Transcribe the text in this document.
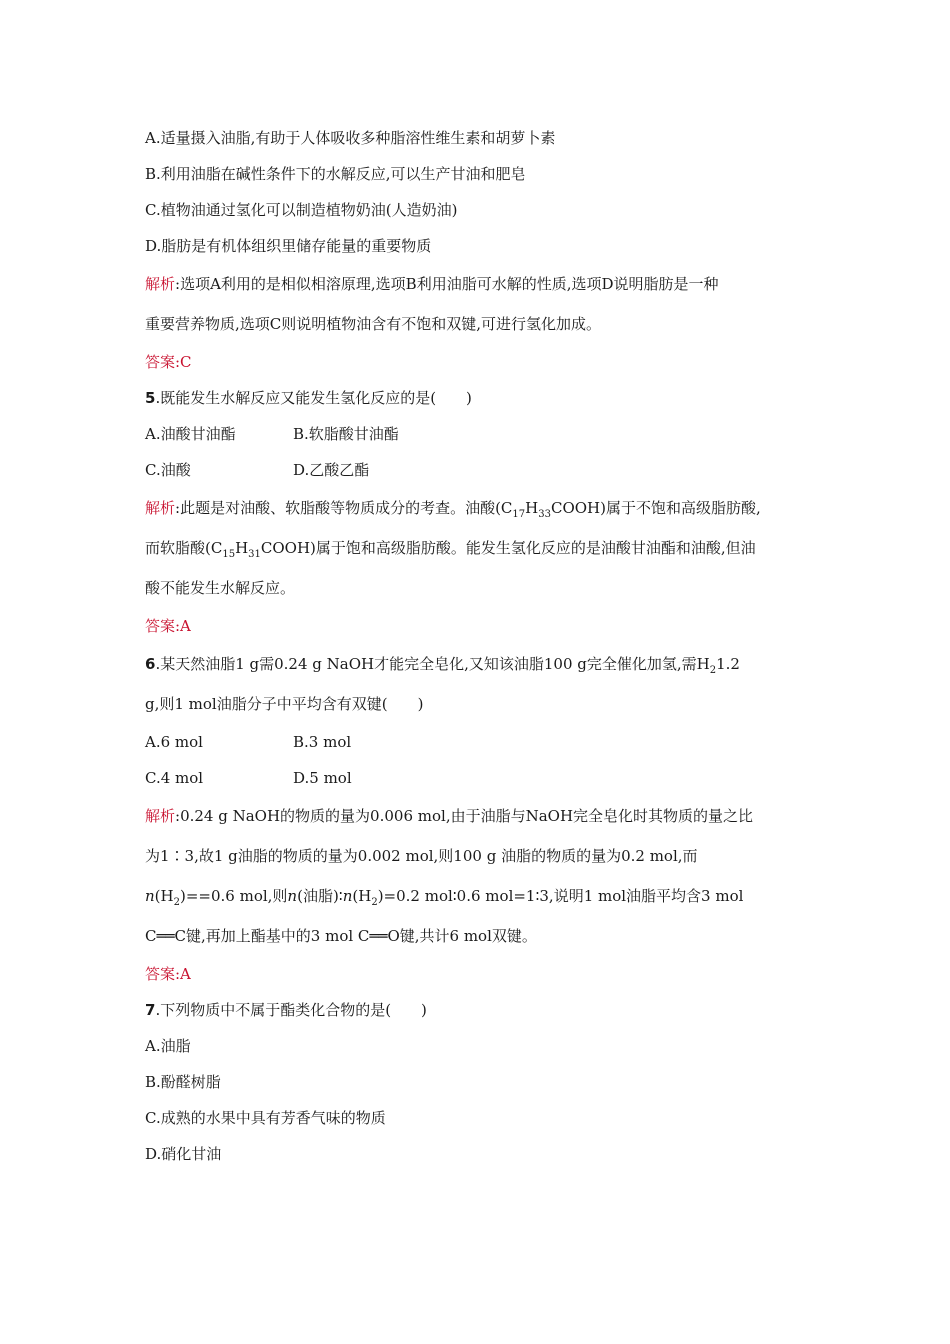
A.适量摄入油脂,有助于人体吸收多种脂溶性维生素和胡萝卜素
B.利用油脂在碱性条件下的水解反应,可以生产甘油和肥皂
C.植物油通过氢化可以制造植物奶油(人造奶油)
D.脂肪是有机体组织里储存能量的重要物质
解析:选项A利用的是相似相溶原理,选项B利用油脂可水解的性质,选项D说明脂肪是一种
重要营养物质,选项C则说明植物油含有不饱和双键,可进行氢化加成。
答案:C
5.既能发生水解反应又能发生氢化反应的是(　　)
A.油酸甘油酯	B.软脂酸甘油酯
C.油酸	D.乙酸乙酯
解析:此题是对油酸、软脂酸等物质成分的考查。油酸$(C_{17}H_{33}COOH)$属于不饱和高级脂肪酸,
而软脂酸$(C_{15}H_{31}COOH)$属于饱和高级脂肪酸。能发生氢化反应的是油酸甘油酯和油酸,但油
酸不能发生水解反应。
答案:A
6.某天然油脂1 g需0.24 g NaOH才能完全皂化,又知该油脂100 g完全催化加氢,需$H_21.2$
g,则1 mol油脂分子中平均含有双键(　　)
A.6 mol	B.3 mol
C.4 mol	D.5 mol
解析:0.24 g NaOH的物质的量为0.006 mol,由于油脂与NaOH完全皂化时其物质的量之比
为1∶3,故1 g油脂的物质的量为0.002 mol,则100 g 油脂的物质的量为0.2 mol,而
$n(H_2)==0.6$ mol,则n(油脂)$∶n(H_2)=0.2$ mol∶0.6 mol=1∶3,说明1 mol油脂平均含3 mol
C══C键,再加上酯基中的3 mol C══O键,共计6 mol双键。
答案:A
7.下列物质中不属于酯类化合物的是(　　)
A.油脂
B.酚醛树脂
C.成熟的水果中具有芳香气味的物质
D.硝化甘油
